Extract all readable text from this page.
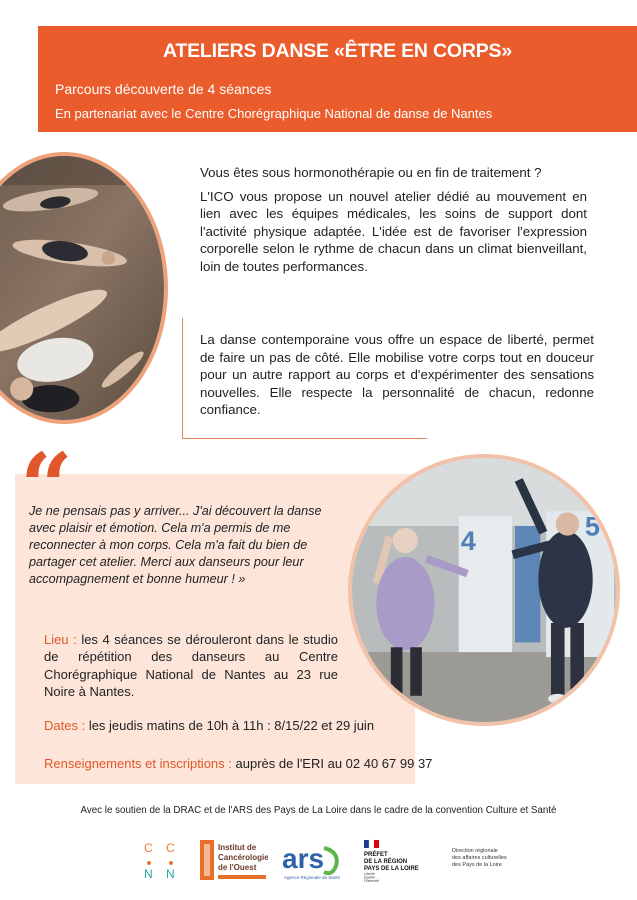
ATELIERS DANSE «ÊTRE EN CORPS»
Parcours découverte de 4 séances
En partenariat avec le Centre Chorégraphique National de danse de Nantes

Vous êtes sous hormonothérapie ou en fin de traitement ?

L'ICO vous propose un nouvel atelier dédié au mouvement en lien avec les équipes médicales, les soins de support dont l'activité physique adaptée. L'idée est de favoriser l'expression corporelle selon le rythme de chacun dans un climat bienveillant, loin de toutes performances.

La danse contemporaine vous offre un espace de liberté, permet de faire un pas de côté. Elle mobilise votre corps tout en douceur pour un autre rapport au corps et d'expérimenter des sensations nouvelles. Elle respecte la personnalité de chacun, redonne confiance.
“
Je ne pensais pas y arriver... J'ai découvert la danse avec plaisir et émotion. Cela m'a permis de me reconnecter à mon corps. Cela m'a fait du bien de partager cet atelier. Merci aux danseurs pour leur accompagnement et bonne humeur ! »
Lieu : les 4 séances se dérouleront dans le studio de répétition des danseurs au Centre Chorégraphique National de Nantes au 23 rue Noire à Nantes.
Dates : les jeudis matins de 10h à 11h : 8/15/22 et 29 juin
Renseignements et inscriptions : auprès de l'ERI au 02 40 67 99 37
4	5
Avec le soutien de la DRAC et de l'ARS des Pays de La Loire dans le cadre de la convention Culture et Santé
C C
N N
Institut de
Cancérologie
de l'Ouest ars
Agence Régionale de Santé
PRÉFET
DE LA RÉGION
PAYS DE LA LOIRE
Liberté
Égalité
Fraternité
Direction régionale
des affaires culturelles
des Pays de la Loire
